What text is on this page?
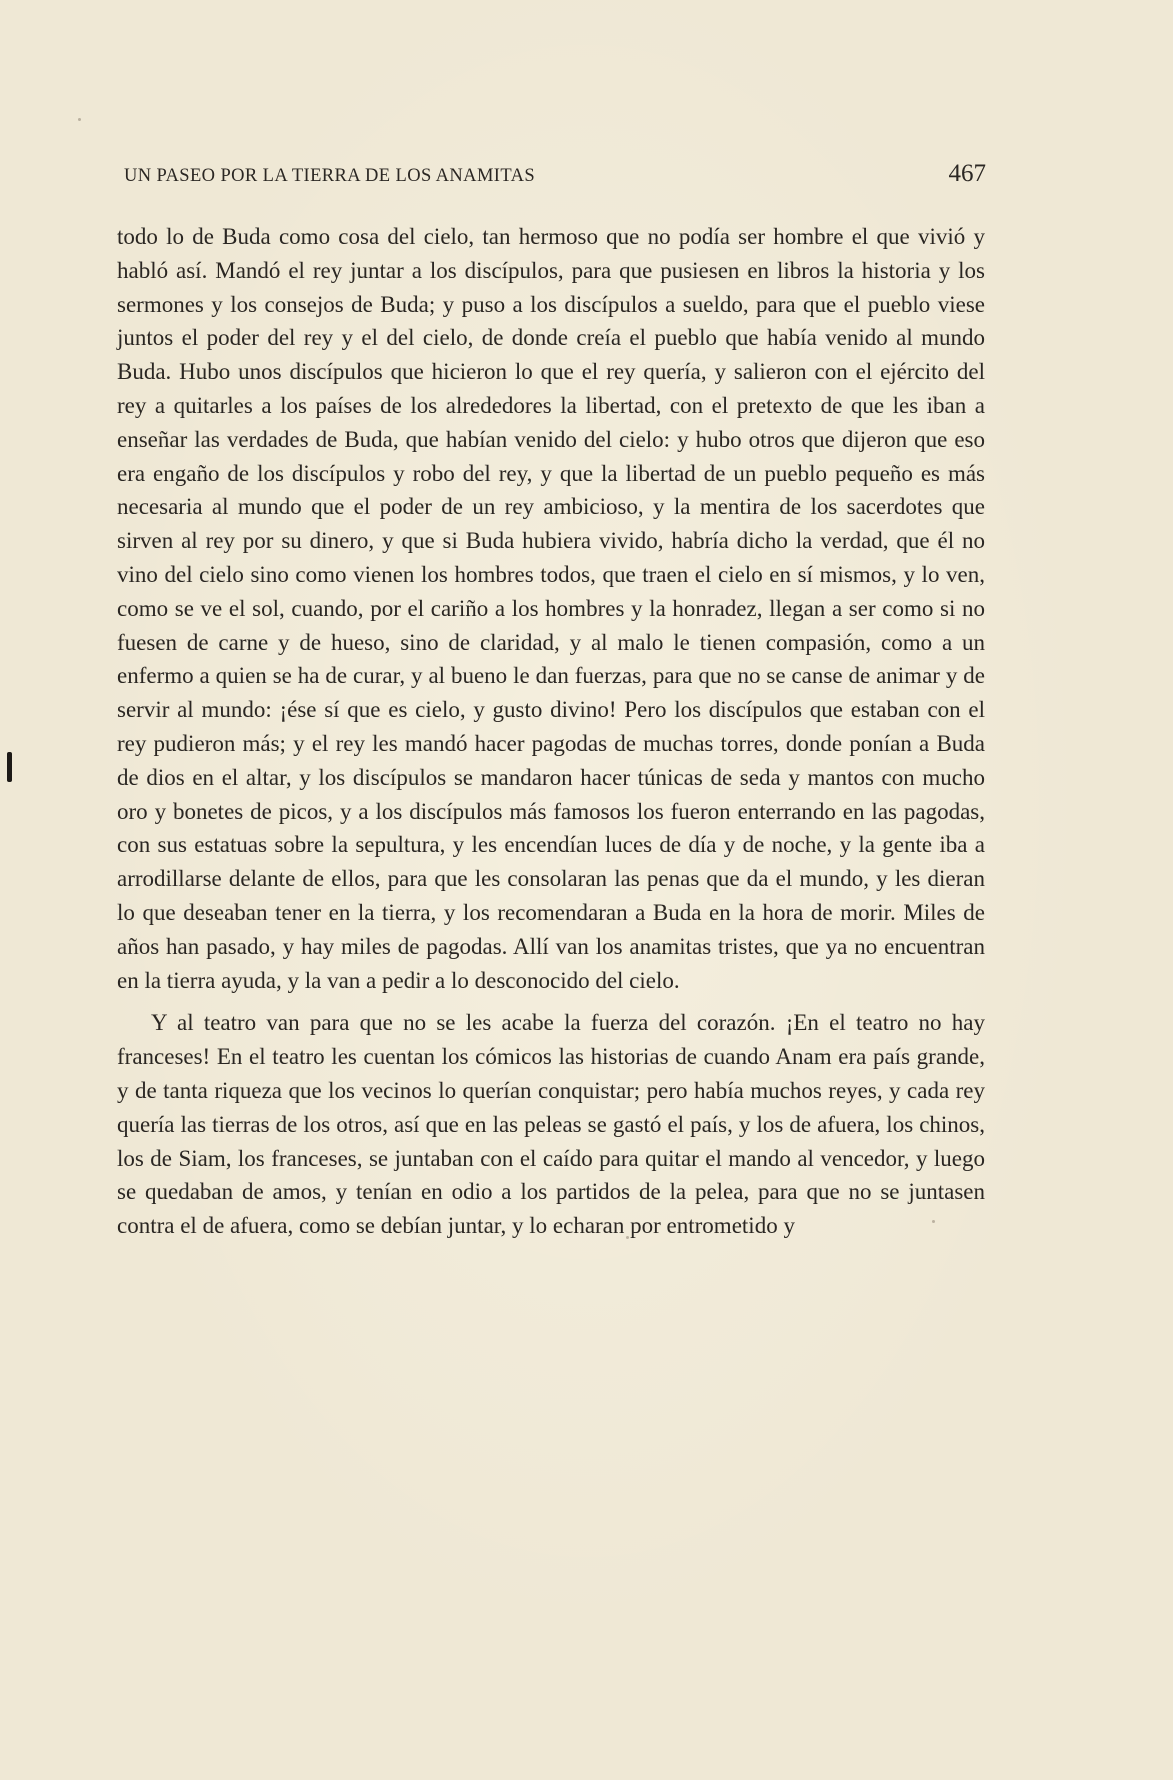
UN PASEO POR LA TIERRA DE LOS ANAMITAS	467

todo lo de Buda como cosa del cielo, tan hermoso que no podía ser hombre el que vivió y habló así. Mandó el rey juntar a los discípulos, para que pusiesen en libros la historia y los sermones y los consejos de Buda; y puso a los discípulos a sueldo, para que el pueblo viese juntos el poder del rey y el del cielo, de donde creía el pueblo que había venido al mundo Buda. Hubo unos discípulos que hicieron lo que el rey quería, y salieron con el ejército del rey a quitarles a los países de los alrededores la libertad, con el pretexto de que les iban a enseñar las verdades de Buda, que habían venido del cielo: y hubo otros que dijeron que eso era engaño de los discípulos y robo del rey, y que la libertad de un pueblo pequeño es más necesaria al mundo que el poder de un rey ambicioso, y la mentira de los sacerdotes que sirven al rey por su dinero, y que si Buda hubiera vivido, habría dicho la verdad, que él no vino del cielo sino como vienen los hombres todos, que traen el cielo en sí mismos, y lo ven, como se ve el sol, cuando, por el cariño a los hombres y la honradez, llegan a ser como si no fuesen de carne y de hueso, sino de claridad, y al malo le tienen compasión, como a un enfermo a quien se ha de curar, y al bueno le dan fuerzas, para que no se canse de animar y de servir al mundo: ¡ése sí que es cielo, y gusto divino! Pero los discípulos que estaban con el rey pudieron más; y el rey les mandó hacer pagodas de muchas torres, donde ponían a Buda de dios en el altar, y los discípulos se mandaron hacer túnicas de seda y mantos con mucho oro y bonetes de picos, y a los discípulos más famosos los fueron enterrando en las pagodas, con sus estatuas sobre la sepultura, y les encendían luces de día y de noche, y la gente iba a arrodillarse delante de ellos, para que les consolaran las penas que da el mundo, y les dieran lo que deseaban tener en la tierra, y los recomendaran a Buda en la hora de morir. Miles de años han pasado, y hay miles de pagodas. Allí van los anamitas tristes, que ya no encuentran en la tierra ayuda, y la van a pedir a lo desconocido del cielo.

Y al teatro van para que no se les acabe la fuerza del corazón. ¡En el teatro no hay franceses! En el teatro les cuentan los cómicos las historias de cuando Anam era país grande, y de tanta riqueza que los vecinos lo querían conquistar; pero había muchos reyes, y cada rey quería las tierras de los otros, así que en las peleas se gastó el país, y los de afuera, los chinos, los de Siam, los franceses, se juntaban con el caído para quitar el mando al vencedor, y luego se quedaban de amos, y tenían en odio a los partidos de la pelea, para que no se juntasen contra el de afuera, como se debían juntar, y lo echaran por entrometido y
